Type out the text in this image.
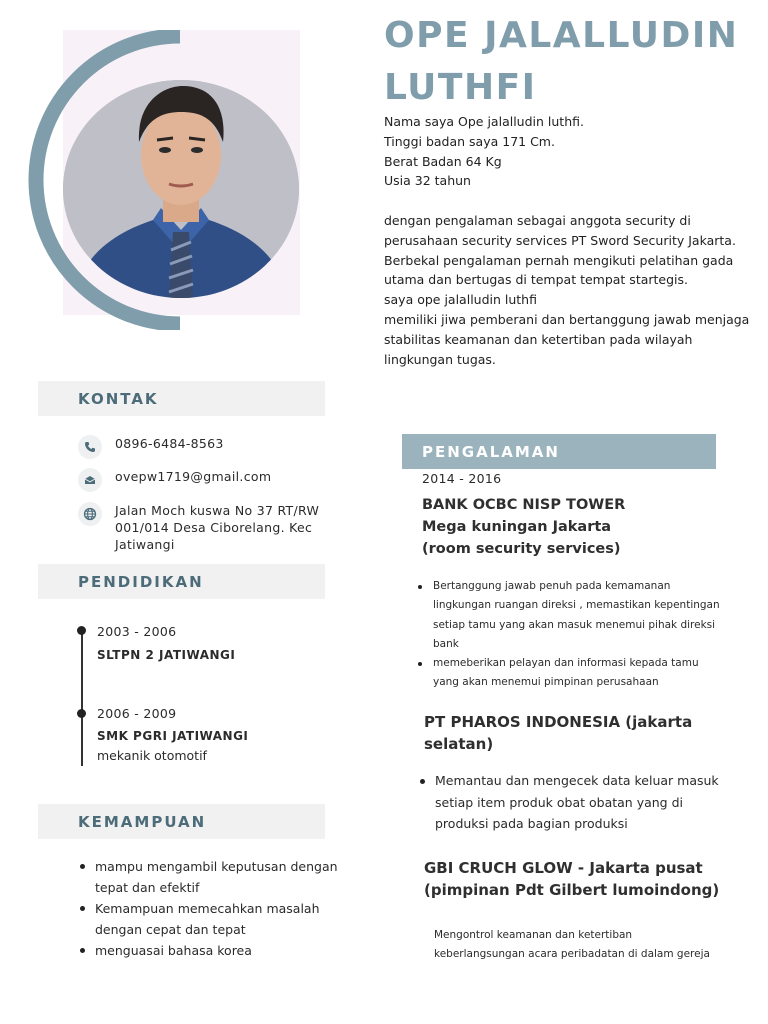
OPE JALALLUDIN LUTHFI

Nama saya Ope jalalludin luthfi.
Tinggi badan saya 171 Cm.
Berat Badan 64 Kg
Usia 32 tahun

dengan pengalaman sebagai anggota security di perusahaan security services PT Sword Security Jakarta.
Berbekal pengalaman pernah mengikuti pelatihan gada utama dan bertugas di tempat tempat startegis.
saya ope jalalludin luthfi
memiliki jiwa pemberani dan bertanggung jawab menjaga stabilitas keamanan dan ketertiban pada wilayah lingkungan tugas.

KONTAK
0896-6484-8563
ovepw1719@gmail.com
Jalan Moch kuswa No 37 RT/RW
001/014 Desa Ciborelang. Kec
Jatiwangi
PENDIDIKAN
2003 - 2006
SLTPN 2 JATIWANGI
2006 - 2009
SMK PGRI JATIWANGI
mekanik otomotif
KEMAMPUAN
mampu mengambil keputusan dengan tepat dan efektif
Kemampuan memecahkan masalah dengan cepat dan tepat
menguasai bahasa korea
PENGALAMAN
2014 - 2016
BANK OCBC NISP TOWER
Mega kuningan Jakarta
(room security services)
Bertanggung jawab penuh pada kemamanan lingkungan ruangan direksi , memastikan kepentingan setiap tamu yang akan masuk menemui pihak direksi bank
memeberikan pelayan dan informasi kepada tamu yang akan menemui pimpinan perusahaan
PT PHAROS INDONESIA (jakarta
selatan)
Memantau dan mengecek data keluar masuk setiap item produk obat obatan yang di produksi pada bagian produksi
GBI CRUCH GLOW - Jakarta pusat
(pimpinan Pdt Gilbert lumoindong)
Mengontrol keamanan dan ketertiban keberlangsungan acara peribadatan di dalam gereja
